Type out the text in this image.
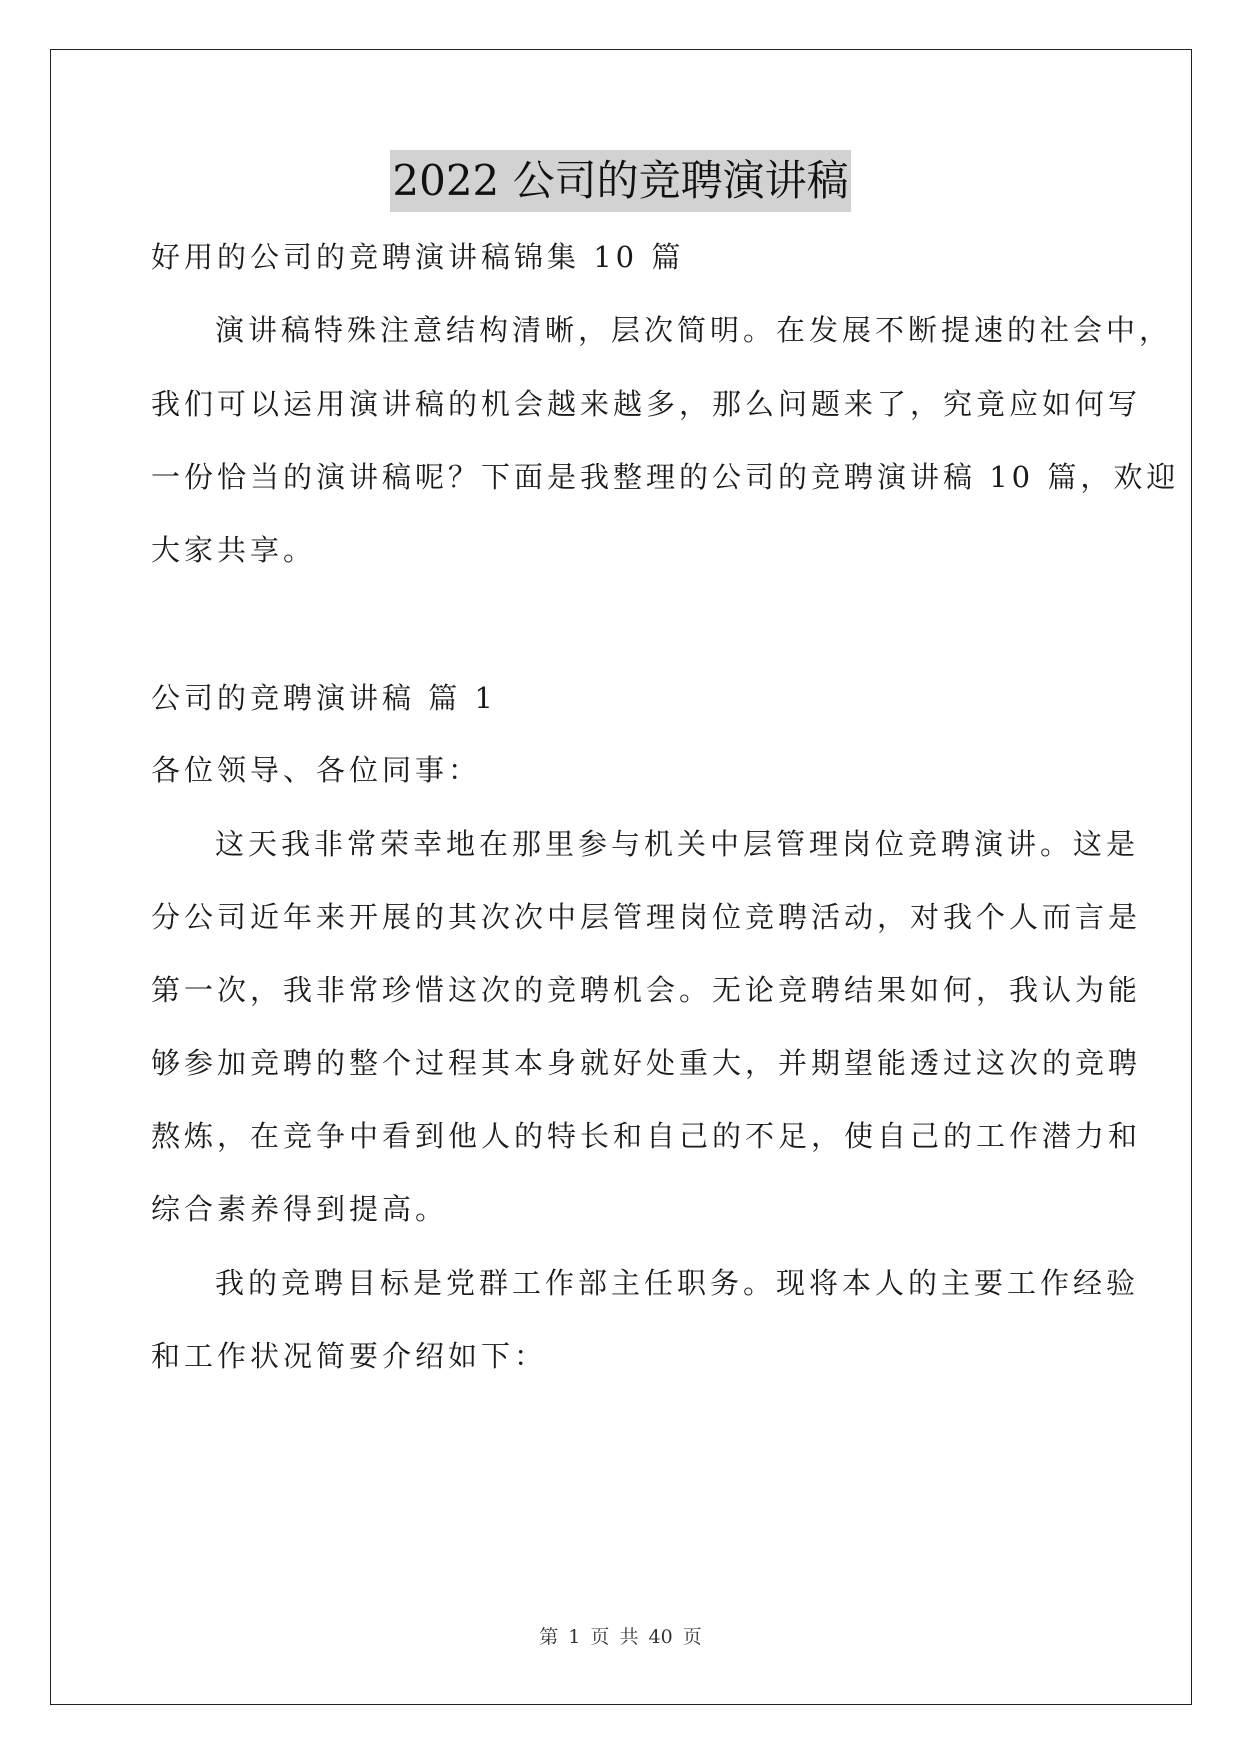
2022 公司的竞聘演讲稿
好用的公司的竞聘演讲稿锦集 10 篇
演讲稿特殊注意结构清晰，层次简明。在发展不断提速的社会中，
我们可以运用演讲稿的机会越来越多，那么问题来了，究竟应如何写
一份恰当的演讲稿呢？下面是我整理的公司的竞聘演讲稿 10 篇，欢迎
大家共享。
公司的竞聘演讲稿 篇 1
各位领导、各位同事：
这天我非常荣幸地在那里参与机关中层管理岗位竞聘演讲。这是
分公司近年来开展的其次次中层管理岗位竞聘活动，对我个人而言是
第一次，我非常珍惜这次的竞聘机会。无论竞聘结果如何，我认为能
够参加竞聘的整个过程其本身就好处重大，并期望能透过这次的竞聘
熬炼，在竞争中看到他人的特长和自己的不足，使自己的工作潜力和
综合素养得到提高。
我的竞聘目标是党群工作部主任职务。现将本人的主要工作经验
和工作状况简要介绍如下：
第 1 页 共 40 页
